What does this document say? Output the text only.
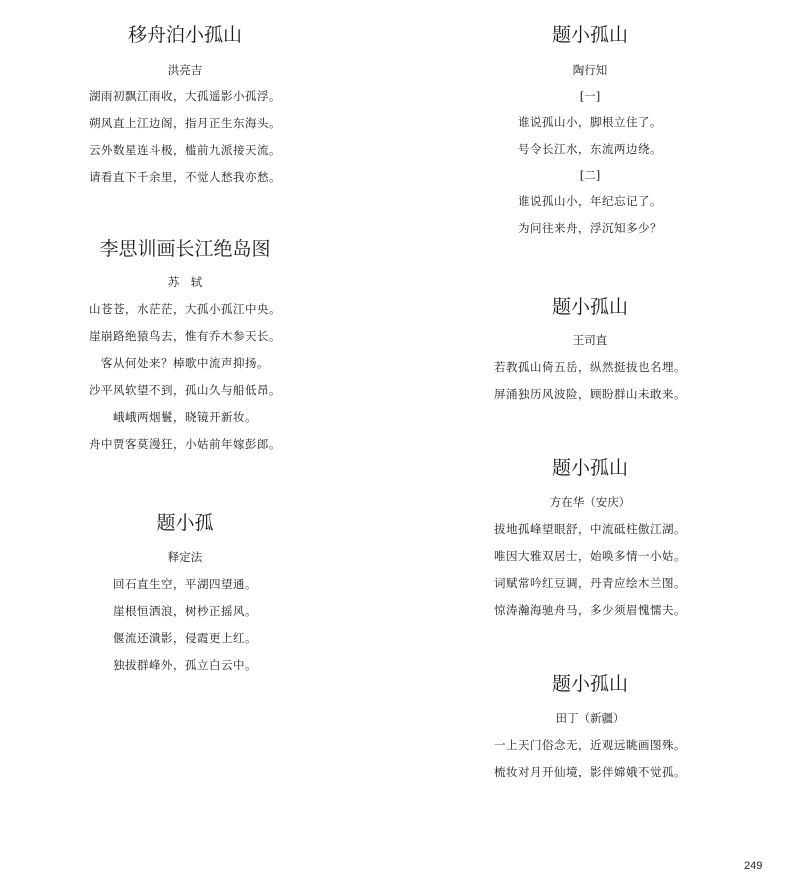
移舟泊小孤山
洪亮吉
湖雨初飘江雨收，大孤遥影小孤浮。
朔风直上江边阁，指月正生东海头。
云外数星连斗极，槛前九派接天流。
请看直下千余里，不觉人愁我亦愁。
李思训画长江绝岛图
苏　轼
山苍苍，水茫茫，大孤小孤江中央。
崖崩路绝猿鸟去，惟有乔木参天长。
客从何处来？棹歌中流声抑扬。
沙平风软望不到，孤山久与船低昂。
峨峨两烟鬟，晓镜开新妆。
舟中贾客莫漫狂，小姑前年嫁彭郎。
题小孤
释定法
回石直生空，平湖四望通。
崖根恒洒浪，树杪正摇风。
偃流还潰影，侵霞更上红。
独拔群峰外，孤立白云中。
题小孤山
陶行知
[一]
谁说孤山小，脚根立住了。
号令长江水，东流两边绕。
[二]
谁说孤山小，年纪忘记了。
为问往来舟，浮沉知多少？
题小孤山
王司直
若教孤山倚五岳，纵然挺拔也名埋。
屏涌独历风波险，顾盼群山未敢来。
题小孤山
方在华（安庆）
拔地孤峰望眼舒，中流砥柱傲江湖。
唯因大雅双居士，始唤多情一小姑。
词赋常吟红豆调，丹青应绘木兰图。
惊涛瀚海驰舟马，多少须眉愧懦夫。
题小孤山
田丁（新疆）
一上天门俗念无，近观远眺画图殊。
梳妆对月开仙境，影伴嫦娥不觉孤。
249
